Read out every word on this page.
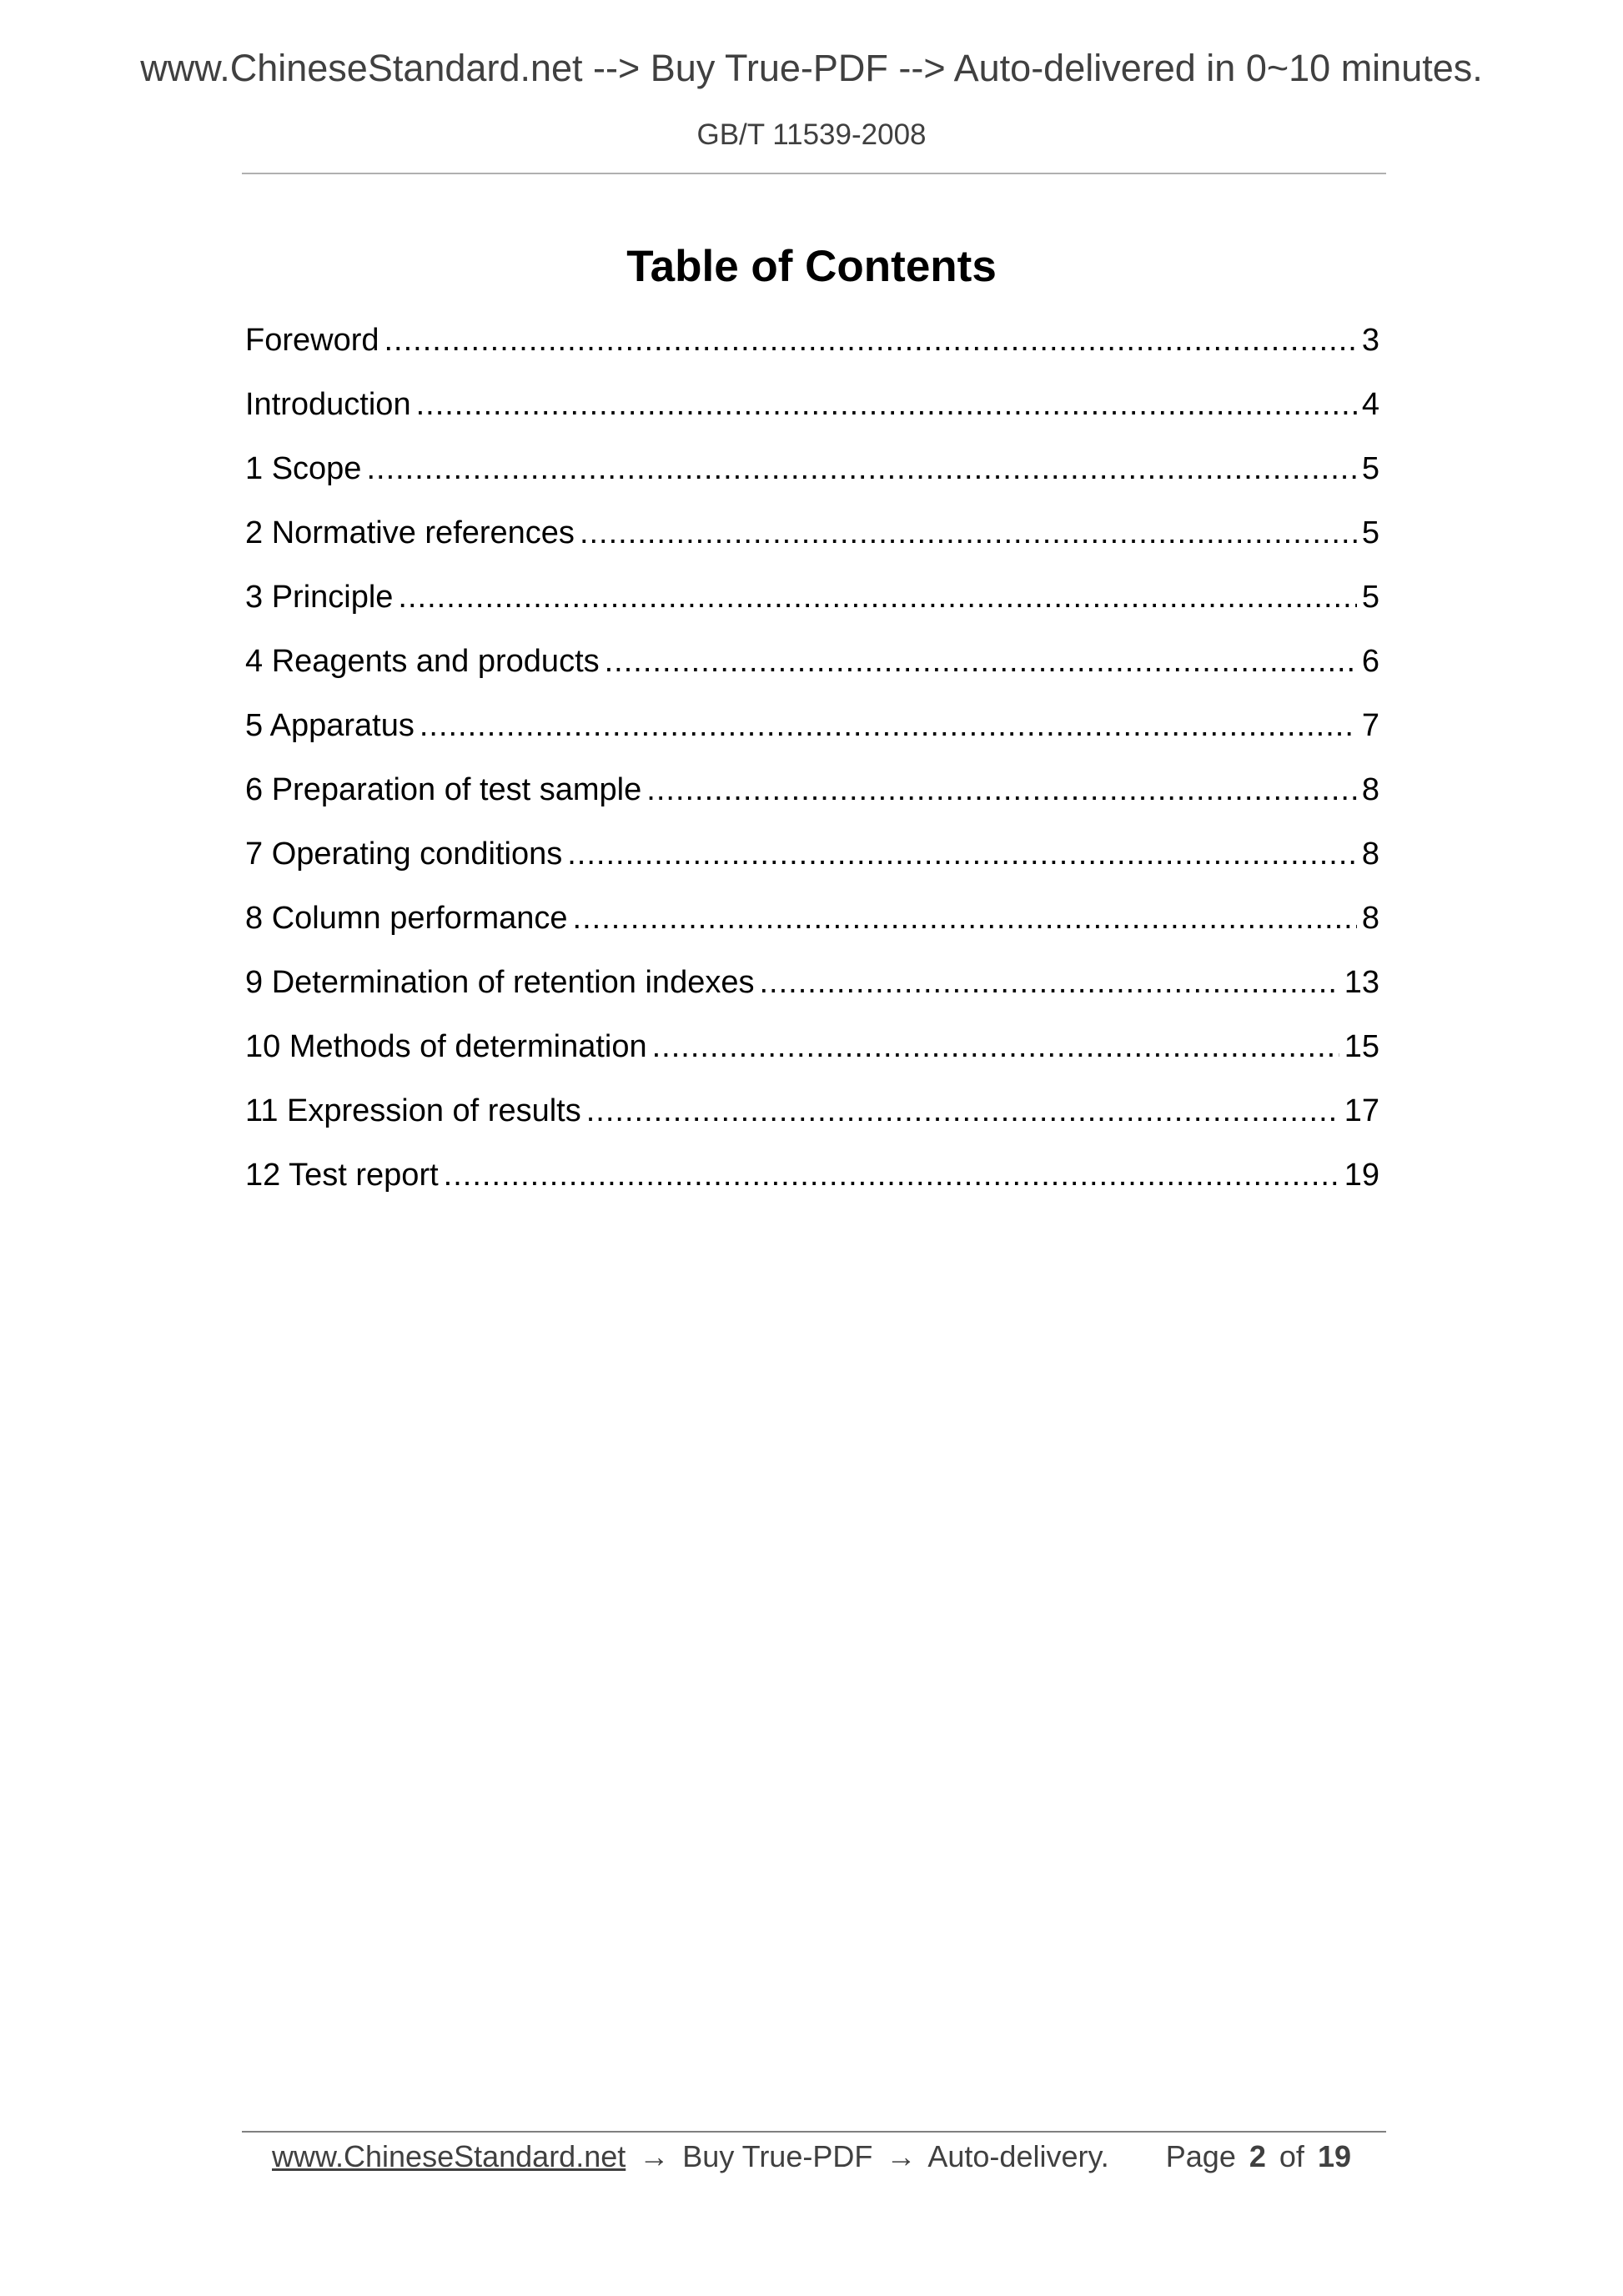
www.ChineseStandard.net --> Buy True-PDF --> Auto-delivered in 0~10 minutes.
GB/T 11539-2008
Table of Contents
Foreword .....	3
Introduction .....	4
1 Scope .....	5
2 Normative references .....	5
3 Principle .....	5
4 Reagents and products .....	6
5 Apparatus .....	7
6 Preparation of test sample .....	8
7 Operating conditions .....	8
8 Column performance .....	8
9 Determination of retention indexes .....	13
10 Methods of determination .....	15
11 Expression of results .....	17
12 Test report .....	19
www.ChineseStandard.net → Buy True-PDF → Auto-delivery. Page 2 of 19
